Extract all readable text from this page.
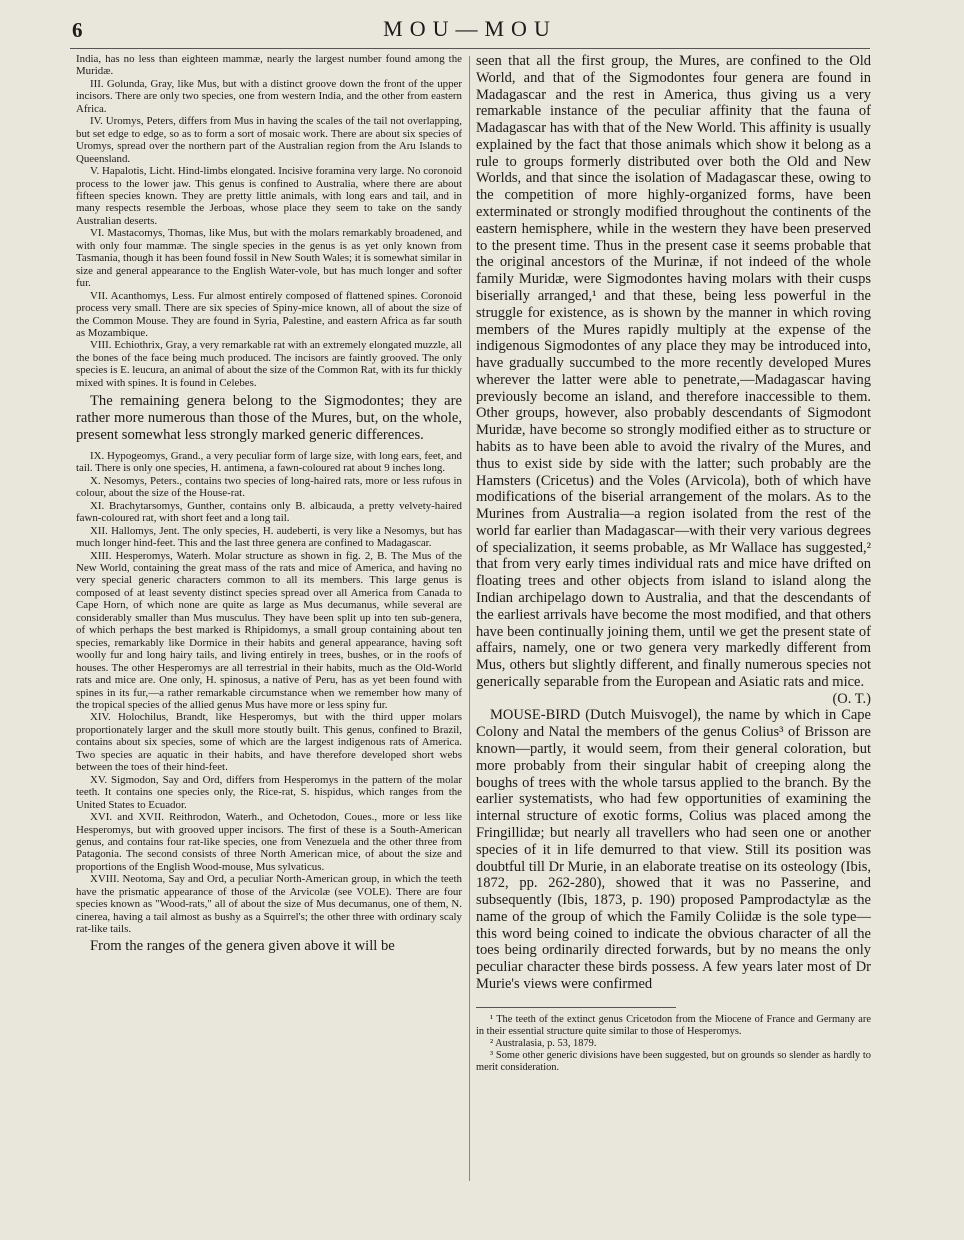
6	MOU—MOU

India, has no less than eighteen mammæ, nearly the largest number found among the Muridæ.

III. Golunda, Gray, like Mus, but with a distinct groove down the front of the upper incisors. There are only two species, one from western India, and the other from eastern Africa.

IV. Uromys, Peters, differs from Mus in having the scales of the tail not overlapping, but set edge to edge, so as to form a sort of mosaic work. There are about six species of Uromys, spread over the northern part of the Australian region from the Aru Islands to Queensland.

V. Hapalotis, Licht. Hind-limbs elongated. Incisive foramina very large. No coronoid process to the lower jaw. This genus is confined to Australia, where there are about fifteen species known. They are pretty little animals, with long ears and tail, and in many respects resemble the Jerboas, whose place they seem to take on the sandy Australian deserts.

VI. Mastacomys, Thomas, like Mus, but with the molars remarkably broadened, and with only four mammæ. The single species in the genus is as yet only known from Tasmania, though it has been found fossil in New South Wales; it is somewhat similar in size and general appearance to the English Water-vole, but has much longer and softer fur.

VII. Acanthomys, Less. Fur almost entirely composed of flattened spines. Coronoid process very small. There are six species of Spiny-mice known, all of about the size of the Common Mouse. They are found in Syria, Palestine, and eastern Africa as far south as Mozambique.

VIII. Echiothrix, Gray, a very remarkable rat with an extremely elongated muzzle, all the bones of the face being much produced. The incisors are faintly grooved. The only species is E. leucura, an animal of about the size of the Common Rat, with its fur thickly mixed with spines. It is found in Celebes.

The remaining genera belong to the Sigmodontes; they are rather more numerous than those of the Mures, but, on the whole, present somewhat less strongly marked generic differences.

IX. Hypogeomys, Grand., a very peculiar form of large size, with long ears, feet, and tail. There is only one species, H. antimena, a fawn-coloured rat about 9 inches long.

X. Nesomys, Peters., contains two species of long-haired rats, more or less rufous in colour, about the size of the House-rat.

XI. Brachytarsomys, Gunther, contains only B. albicauda, a pretty velvety-haired fawn-coloured rat, with short feet and a long tail.

XII. Hallomys, Jent. The only species, H. audeberti, is very like a Nesomys, but has much longer hind-feet. This and the last three genera are confined to Madagascar.

XIII. Hesperomys, Waterh. Molar structure as shown in fig. 2, B. The Mus of the New World, containing the great mass of the rats and mice of America, and having no very special generic characters common to all its members. This large genus is composed of at least seventy distinct species spread over all America from Canada to Cape Horn, of which none are quite as large as Mus decumanus, while several are considerably smaller than Mus musculus. They have been split up into ten sub-genera, of which perhaps the best marked is Rhipidomys, a small group containing about ten species, remarkably like Dormice in their habits and general appearance, having soft woolly fur and long hairy tails, and living entirely in trees, bushes, or in the roofs of houses. The other Hesperomys are all terrestrial in their habits, much as the Old-World rats and mice are. One only, H. spinosus, a native of Peru, has as yet been found with spines in its fur,—a rather remarkable circumstance when we remember how many of the tropical species of the allied genus Mus have more or less spiny fur.

XIV. Holochilus, Brandt, like Hesperomys, but with the third upper molars proportionately larger and the skull more stoutly built. This genus, confined to Brazil, contains about six species, some of which are the largest indigenous rats of America. Two species are aquatic in their habits, and have therefore developed short webs between the toes of their hind-feet.

XV. Sigmodon, Say and Ord, differs from Hesperomys in the pattern of the molar teeth. It contains one species only, the Rice-rat, S. hispidus, which ranges from the United States to Ecuador.

XVI. and XVII. Reithrodon, Waterh., and Ochetodon, Coues., more or less like Hesperomys, but with grooved upper incisors. The first of these is a South-American genus, and contains four rat-like species, one from Venezuela and the other three from Patagonia. The second consists of three North American mice, of about the size and proportions of the English Wood-mouse, Mus sylvaticus.

XVIII. Neotoma, Say and Ord, a peculiar North-American group, in which the teeth have the prismatic appearance of those of the Arvicolæ (see VOLE). There are four species known as "Wood-rats," all of about the size of Mus decumanus, one of them, N. cinerea, having a tail almost as bushy as a Squirrel's; the other three with ordinary scaly rat-like tails.

From the ranges of the genera given above it will be

seen that all the first group, the Mures, are confined to the Old World, and that of the Sigmodontes four genera are found in Madagascar and the rest in America, thus giving us a very remarkable instance of the peculiar affinity that the fauna of Madagascar has with that of the New World. This affinity is usually explained by the fact that those animals which show it belong as a rule to groups formerly distributed over both the Old and New Worlds, and that since the isolation of Madagascar these, owing to the competition of more highly-organized forms, have been exterminated or strongly modified throughout the continents of the eastern hemisphere, while in the western they have been preserved to the present time. Thus in the present case it seems probable that the original ancestors of the Murinæ, if not indeed of the whole family Muridæ, were Sigmodontes having molars with their cusps biserially arranged,¹ and that these, being less powerful in the struggle for existence, as is shown by the manner in which roving members of the Mures rapidly multiply at the expense of the indigenous Sigmodontes of any place they may be introduced into, have gradually succumbed to the more recently developed Mures wherever the latter were able to penetrate,—Madagascar having previously become an island, and therefore inaccessible to them. Other groups, however, also probably descendants of Sigmodont Muridæ, have become so strongly modified either as to structure or habits as to have been able to avoid the rivalry of the Mures, and thus to exist side by side with the latter; such probably are the Hamsters (Cricetus) and the Voles (Arvicola), both of which have modifications of the biserial arrangement of the molars. As to the Murines from Australia—a region isolated from the rest of the world far earlier than Madagascar—with their very various degrees of specialization, it seems probable, as Mr Wallace has suggested,² that from very early times individual rats and mice have drifted on floating trees and other objects from island to island along the Indian archipelago down to Australia, and that the descendants of the earliest arrivals have become the most modified, and that others have been continually joining them, until we get the present state of affairs, namely, one or two genera very markedly different from Mus, others but slightly different, and finally numerous species not generically separable from the European and Asiatic rats and mice.
(O. T.)

MOUSE-BIRD (Dutch Muisvogel), the name by which in Cape Colony and Natal the members of the genus Colius³ of Brisson are known—partly, it would seem, from their general coloration, but more probably from their singular habit of creeping along the boughs of trees with the whole tarsus applied to the branch. By the earlier systematists, who had few opportunities of examining the internal structure of exotic forms, Colius was placed among the Fringillidæ; but nearly all travellers who had seen one or another species of it in life demurred to that view. Still its position was doubtful till Dr Murie, in an elaborate treatise on its osteology (Ibis, 1872, pp. 262-280), showed that it was no Passerine, and subsequently (Ibis, 1873, p. 190) proposed Pamprodactylæ as the name of the group of which the Family Coliidæ is the sole type—this word being coined to indicate the obvious character of all the toes being ordinarily directed forwards, but by no means the only peculiar character these birds possess. A few years later most of Dr Murie's views were confirmed

¹ The teeth of the extinct genus Cricetodon from the Miocene of France and Germany are in their essential structure quite similar to those of Hesperomys.

² Australasia, p. 53, 1879.

³ Some other generic divisions have been suggested, but on grounds so slender as hardly to merit consideration.
